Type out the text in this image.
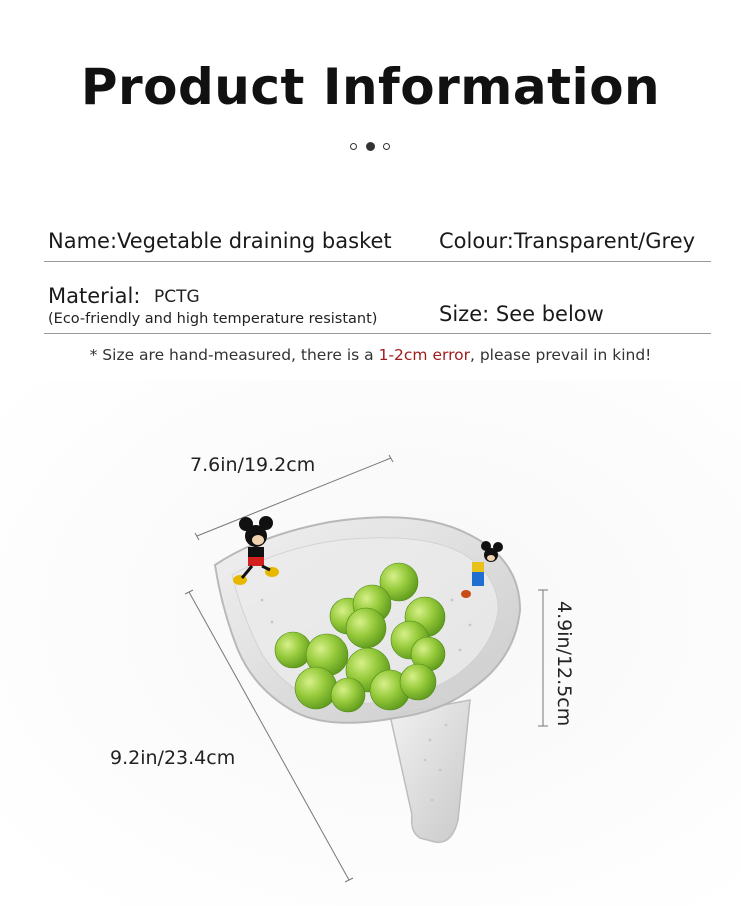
Product Information
Name:Vegetable draining basket Colour:Transparent/Grey
Material: PCTG
(Eco-friendly and high temperature resistant)	Size: See below
* Size are hand-measured, there is a 1-2cm error, please prevail in kind!
7.6in/19.2cm
9.2in/23.4cm
4.9in/12.5cm
